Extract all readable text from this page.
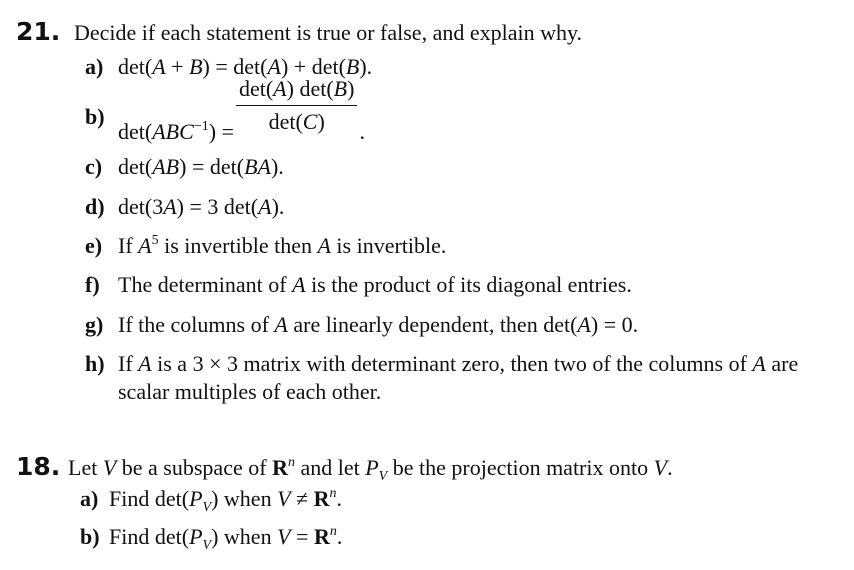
21. Decide if each statement is true or false, and explain why.
a) det(A + B) = det(A) + det(B).
b)
$\det(ABC^{-1}) = \frac{\det(A) \det(B)}{\det(C)}$ .
c) det(AB) = det(BA).
d) det(3A) = 3 det(A).
e) If $A^5$ is invertible then A is invertible.
f) The determinant of A is the product of its diagonal entries.
g) If the columns of A are linearly dependent, then det(A) = 0.
h) If A is a 3 × 3 matrix with determinant zero, then two of the columns of A are
scalar multiples of each other.
18. Let V be a subspace of $R^n$ and let $P_V$ be the projection matrix onto V.
a) Find $\det(P_V)$ when $V \ne R^n$.
b) Find $\det(P_V)$ when $V = R^n$.
